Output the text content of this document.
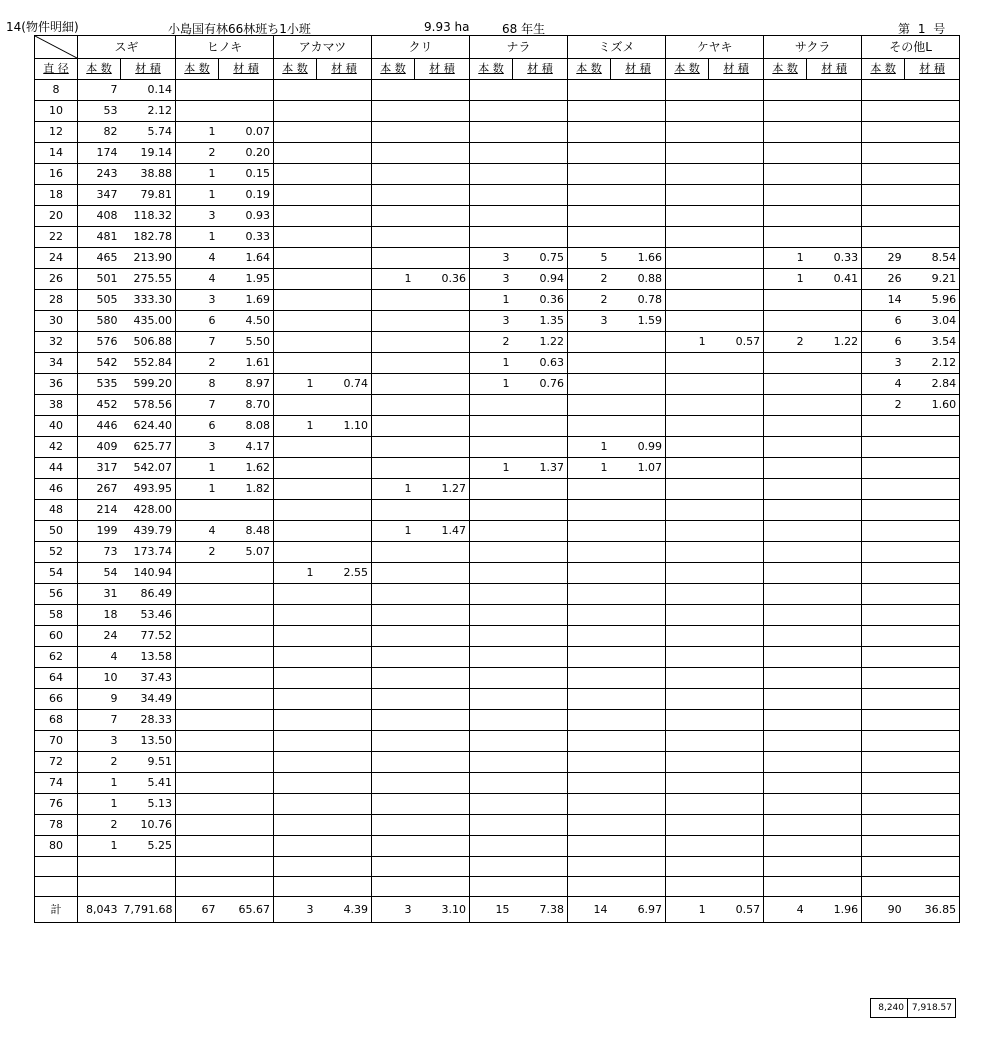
14(物件明細)	小島国有林66林班ち1小班	9.93 ha	68 年生	第 1 号
	スギ		ヒノキ		アカマツ		クリ		ナラ		ミズメ		ケヤキ		サクラ		その他L	
直 径	本 数	材 積	本 数	材 積	本 数	材 積	本 数	材 積	本 数	材 積	本 数	材 積	本 数	材 積	本 数	材 積	本 数	材 積
8	7	0.14																
10	53	2.12																
12	82	5.74	1	0.07														
14	174	19.14	2	0.20														
16	243	38.88	1	0.15														
18	347	79.81	1	0.19														
20	408	118.32	3	0.93														
22	481	182.78	1	0.33														
24	465	213.90	4	1.64					3	0.75	5	1.66			1	0.33	29	8.54
26	501	275.55	4	1.95			1	0.36	3	0.94	2	0.88			1	0.41	26	9.21
28	505	333.30	3	1.69					1	0.36	2	0.78					14	5.96
30	580	435.00	6	4.50					3	1.35	3	1.59					6	3.04
32	576	506.88	7	5.50					2	1.22			1	0.57	2	1.22	6	3.54
34	542	552.84	2	1.61					1	0.63							3	2.12
36	535	599.20	8	8.97	1	0.74			1	0.76							4	2.84
38	452	578.56	7	8.70													2	1.60
40	446	624.40	6	8.08	1	1.10												
42	409	625.77	3	4.17							1	0.99						
44	317	542.07	1	1.62					1	1.37	1	1.07						
46	267	493.95	1	1.82			1	1.27										
48	214	428.00																
50	199	439.79	4	8.48			1	1.47										
52	73	173.74	2	5.07														
54	54	140.94			1	2.55												
56	31	86.49																
58	18	53.46																
60	24	77.52																
62	4	13.58																
64	10	37.43																
66	9	34.49																
68	7	28.33																
70	3	13.50																
72	2	9.51																
74	1	5.41																
76	1	5.13																
78	2	10.76																
80	1	5.25																

計	8,043	7,791.68	67	65.67	3	4.39	3	3.10	15	7.38	14	6.97	1	0.57	4	1.96	90	36.85
8,240	7,918.57
